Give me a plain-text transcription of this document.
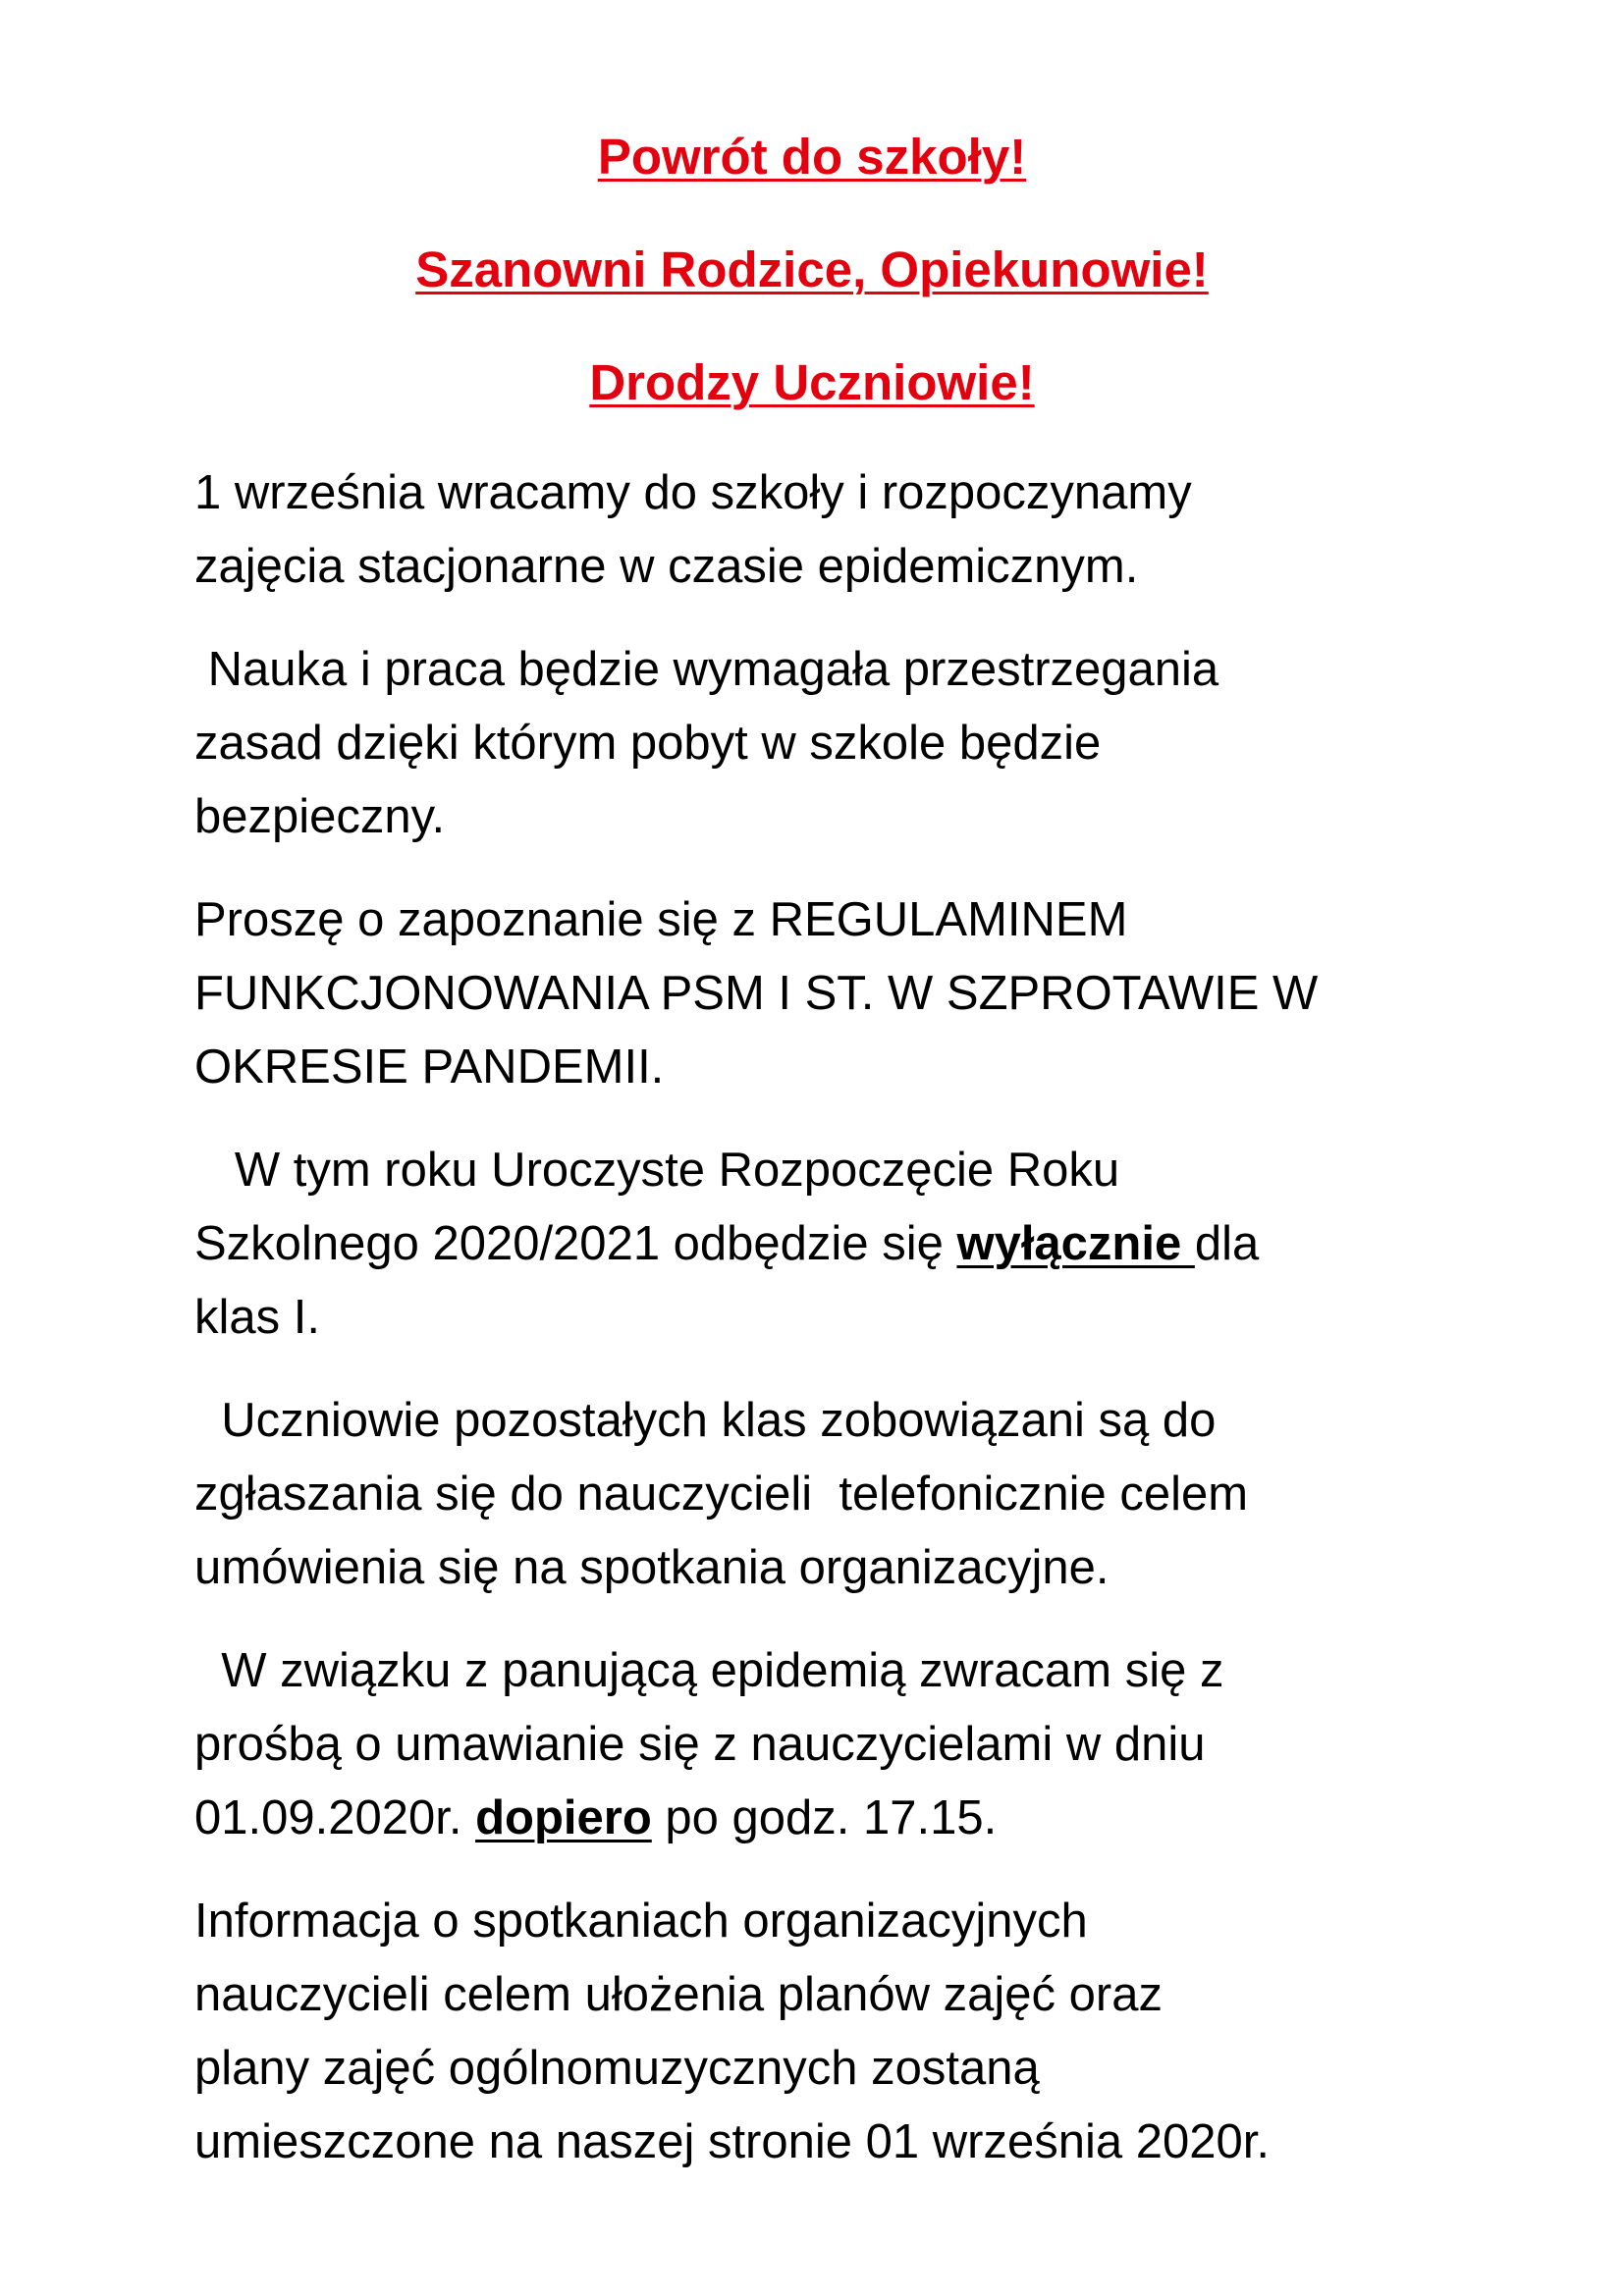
Powrót do szkoły!
Szanowni Rodzice, Opiekunowie!
Drodzy Uczniowie!

1 września wracamy do szkoły i rozpoczynamy
zajęcia stacjonarne w czasie epidemicznym.

Nauka i praca będzie wymagała przestrzegania
zasad dzięki którym pobyt w szkole będzie
bezpieczny.

Proszę o zapoznanie się z REGULAMINEM
FUNKCJONOWANIA PSM I ST. W SZPROTAWIE W
OKRESIE PANDEMII.

W tym roku Uroczyste Rozpoczęcie Roku
Szkolnego 2020/2021 odbędzie się wyłącznie dla
klas I.

Uczniowie pozostałych klas zobowiązani są do
zgłaszania się do nauczycieli  telefonicznie celem
umówienia się na spotkania organizacyjne.

W związku z panującą epidemią zwracam się z
prośbą o umawianie się z nauczycielami w dniu
01.09.2020r. dopiero po godz. 17.15.

Informacja o spotkaniach organizacyjnych
nauczycieli celem ułożenia planów zajęć oraz
plany zajęć ogólnomuzycznych zostaną
umieszczone na naszej stronie 01 września 2020r.
